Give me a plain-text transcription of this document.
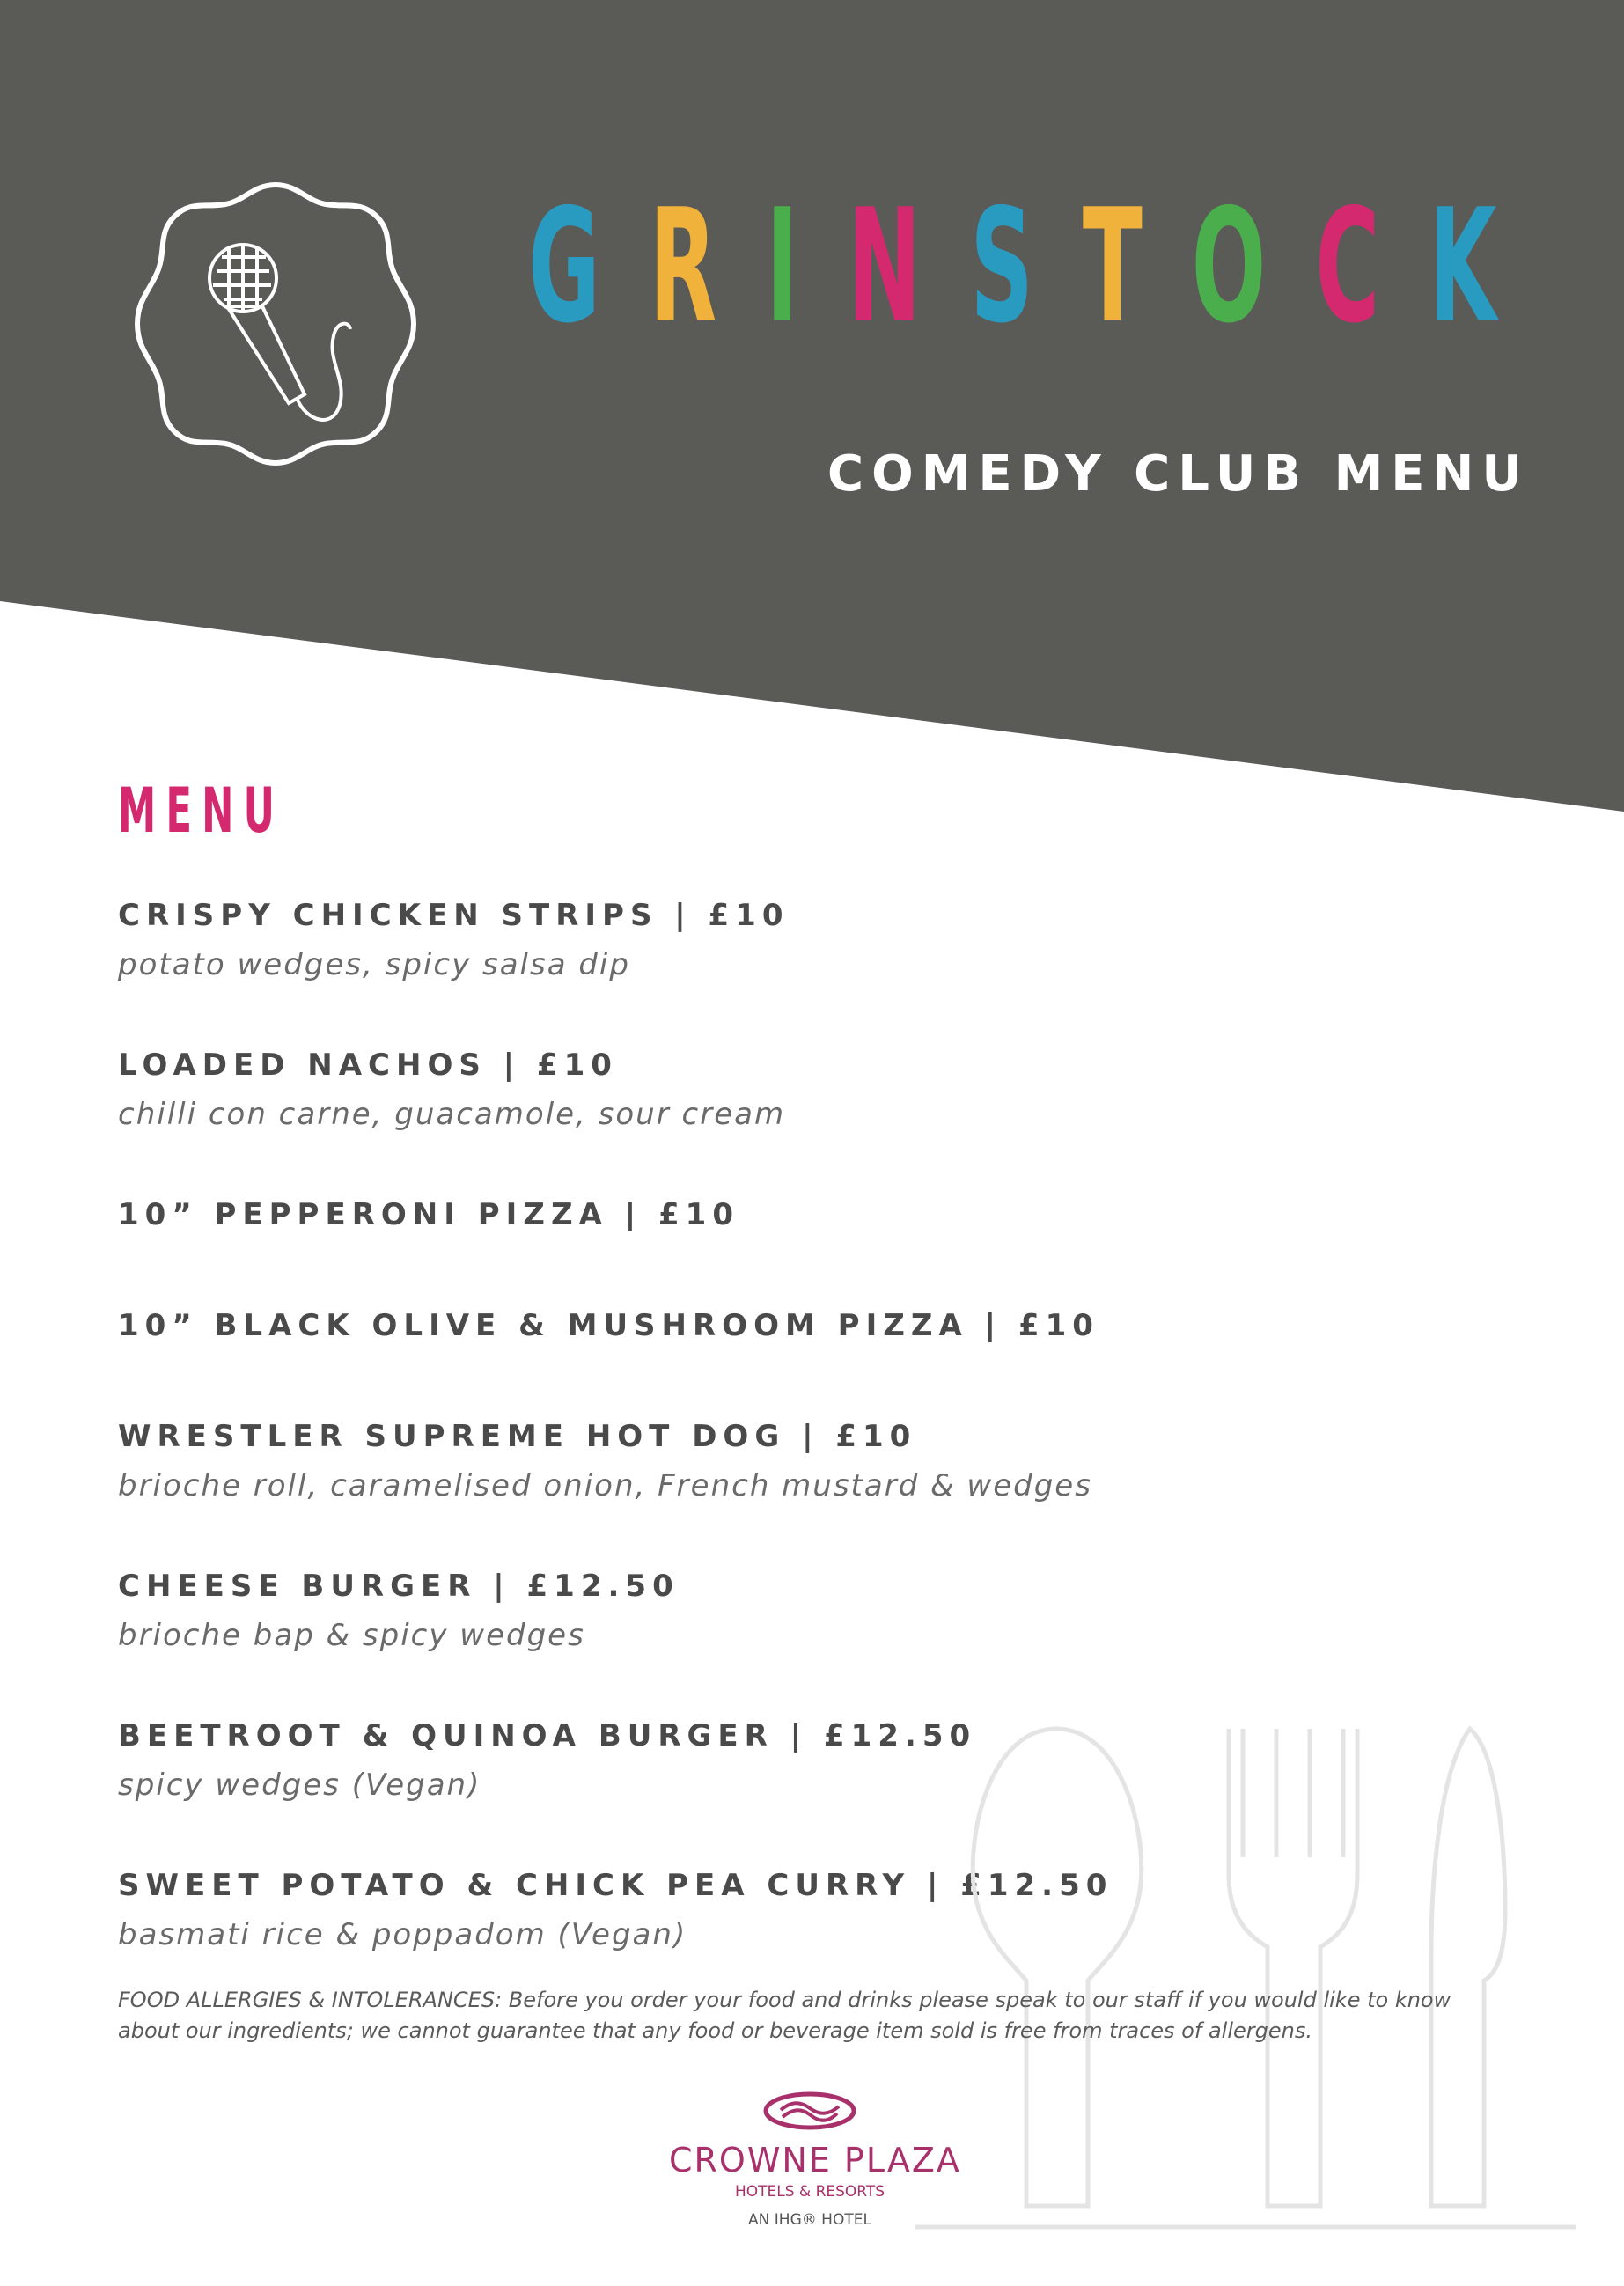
G R I N S T O C K
COMEDY CLUB MENU
MENU
CRISPY CHICKEN STRIPS | £10
potato wedges, spicy salsa dip
LOADED NACHOS | £10
chilli con carne, guacamole, sour cream
10” PEPPERONI PIZZA | £10
10” BLACK OLIVE & MUSHROOM PIZZA | £10
WRESTLER SUPREME HOT DOG | £10
brioche roll, caramelised onion, French mustard & wedges
CHEESE BURGER | £12.50
brioche bap & spicy wedges
BEETROOT & QUINOA BURGER | £12.50
spicy wedges (Vegan)
SWEET POTATO & CHICK PEA CURRY | £12.50
basmati rice & poppadom (Vegan)
FOOD ALLERGIES & INTOLERANCES: Before you order your food and drinks please speak to our staff if you would like to know about our ingredients; we cannot guarantee that any food or beverage item sold is free from traces of allergens.
CROWNE PLAZA
HOTELS & RESORTS
AN IHG® HOTEL
